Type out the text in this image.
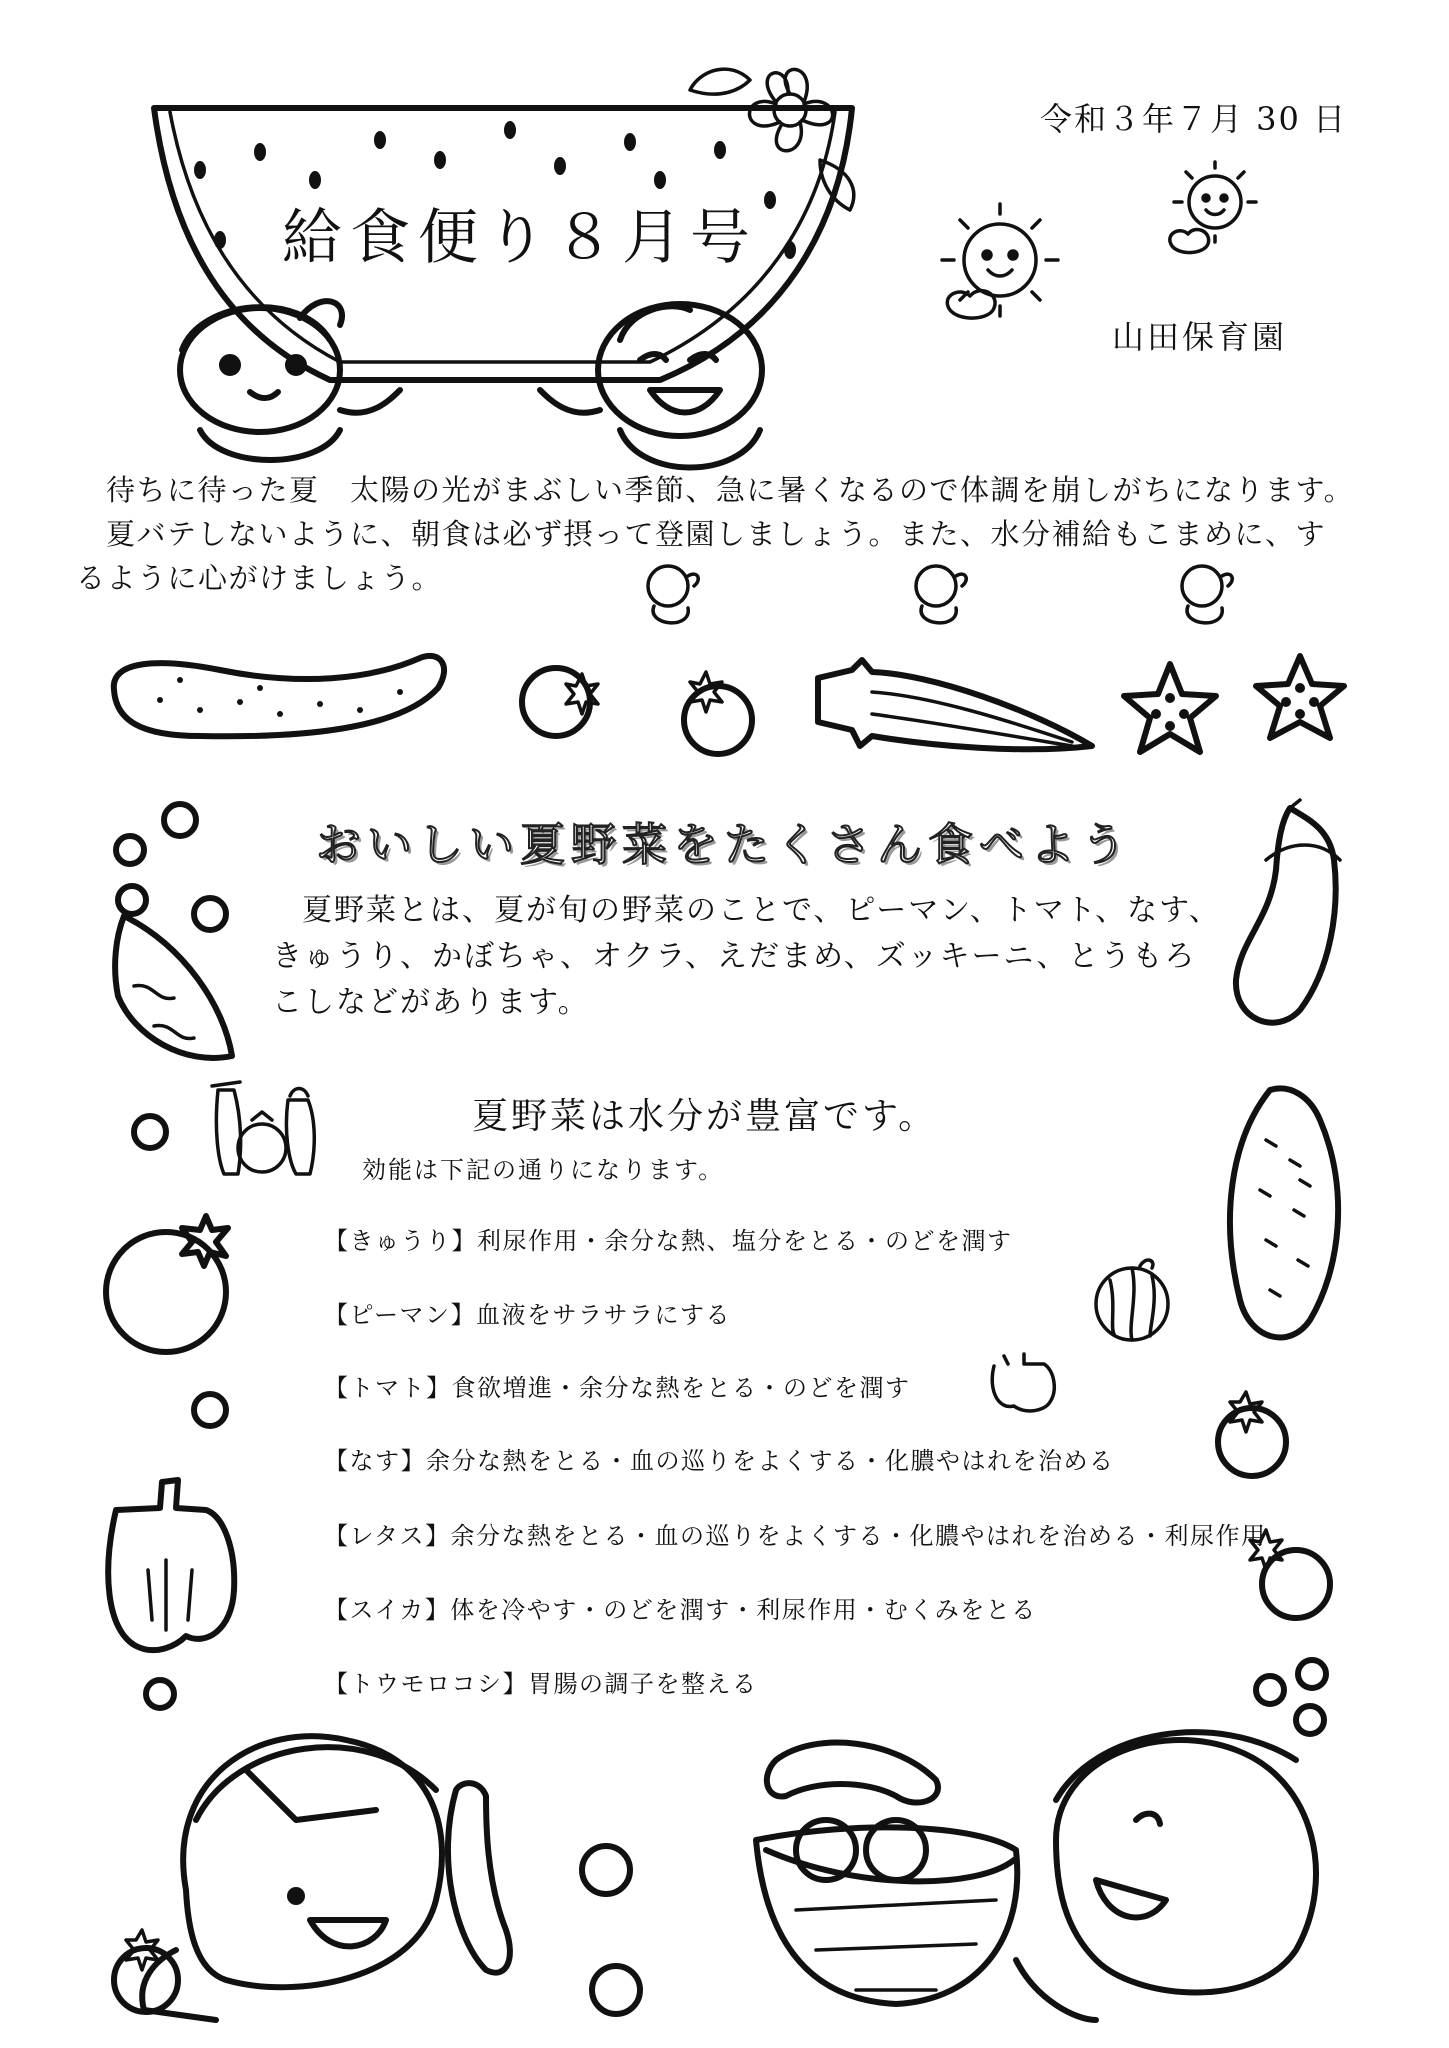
令和３年７月 30 日
給食便り８月号
山田保育園

待ちに待った夏　太陽の光がまぶしい季節、急に暑くなるので体調を崩しがちになります。

夏バテしないように、朝食は必ず摂って登園しましょう。また、水分補給もこまめに、す

るように心がけましょう。

おいしい夏野菜をたくさん食べよう

夏野菜とは、夏が旬の野菜のことで、ピーマン、トマト、なす、

きゅうり、かぼちゃ、オクラ、えだまめ、ズッキーニ、とうもろ

こしなどがあります。

夏野菜は水分が豊富です。
効能は下記の通りになります。
【きゅうり】利尿作用・余分な熱、塩分をとる・のどを潤す
【ピーマン】血液をサラサラにする
【トマト】食欲増進・余分な熱をとる・のどを潤す
【なす】余分な熱をとる・血の巡りをよくする・化膿やはれを治める
【レタス】余分な熱をとる・血の巡りをよくする・化膿やはれを治める・利尿作用
【スイカ】体を冷やす・のどを潤す・利尿作用・むくみをとる
【トウモロコシ】胃腸の調子を整える
